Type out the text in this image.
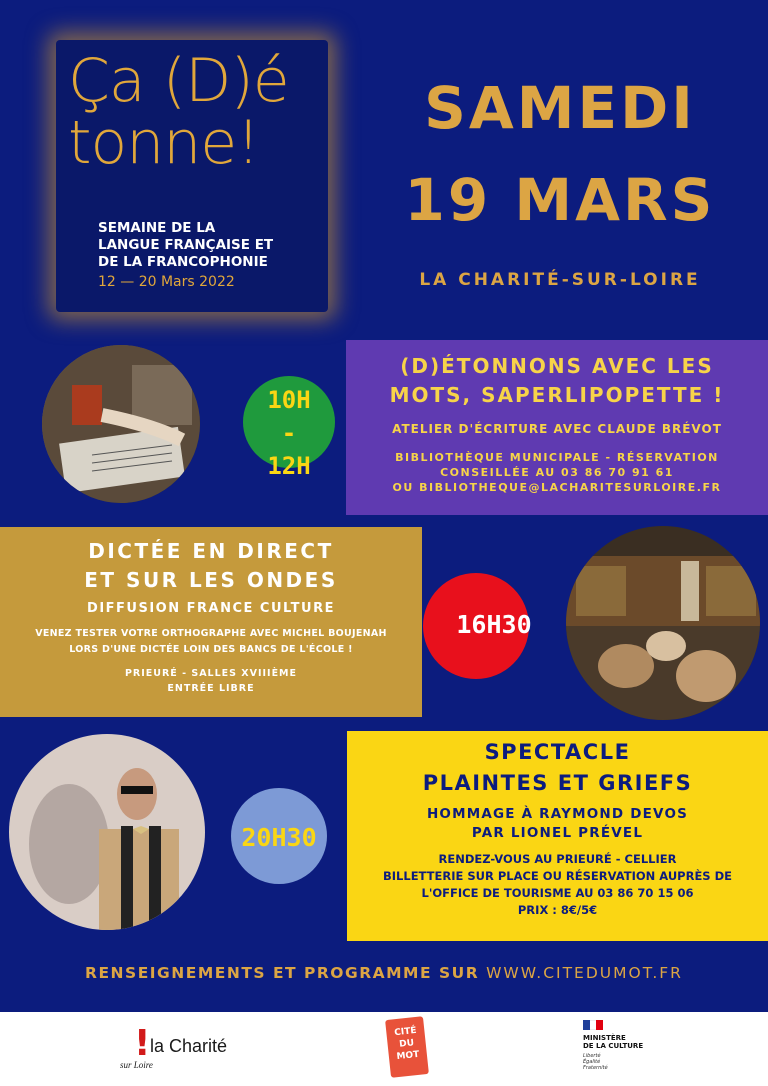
Ça (D)é
tonne!
SEMAINE DE LA
LANGUE FRANÇAISE ET
DE LA FRANCOPHONIE
12 — 20 Mars 2022
SAMEDI
19 MARS
LA CHARITÉ-SUR-LOIRE
10H
-
12H
(D)ÉTONNONS AVEC LES
MOTS, SAPERLIPOPETTE !
ATELIER D'ÉCRITURE AVEC CLAUDE BRÉVOT
BIBLIOTHÈQUE MUNICIPALE - RÉSERVATION
CONSEILLÉE AU 03 86 70 91 61
OU BIBLIOTHEQUE@LACHARITESURLOIRE.FR
DICTÉE EN DIRECT
ET SUR LES ONDES
DIFFUSION FRANCE CULTURE
VENEZ TESTER VOTRE ORTHOGRAPHE AVEC MICHEL BOUJENAH
LORS D'UNE DICTÉE LOIN DES BANCS DE L'ÉCOLE !
PRIEURÉ - SALLES XVIIIÈME
ENTRÉE LIBRE
16H30
20H30
SPECTACLE
PLAINTES ET GRIEFS
HOMMAGE À RAYMOND DEVOS
PAR LIONEL PRÉVEL
RENDEZ-VOUS AU PRIEURÉ - CELLIER
BILLETTERIE SUR PLACE OU RÉSERVATION AUPRÈS DE
L'OFFICE DE TOURISME AU 03 86 70 15 06
PRIX : 8€/5€
RENSEIGNEMENTS ET PROGRAMME SUR WWW.CITEDUMOT.FR
! la Charité
sur Loire
CITÉ
DU
MOT
MINISTÈRE
DE LA CULTURE
Liberté
Égalité
Fraternité
